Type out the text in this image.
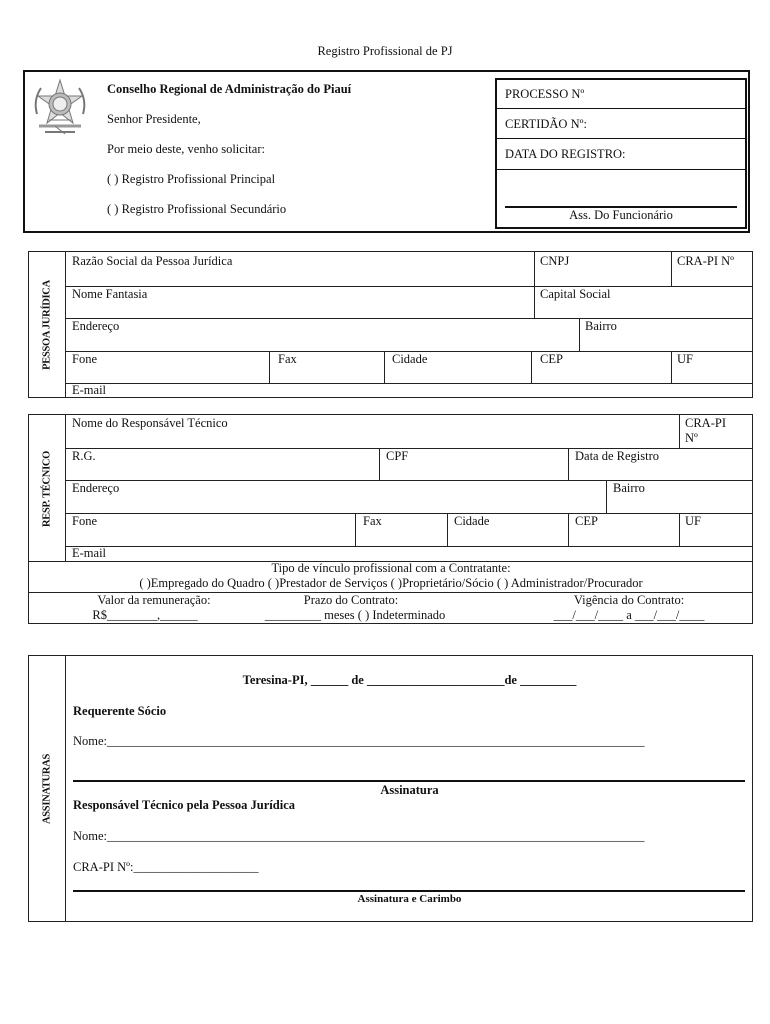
Registro Profissional de PJ
Conselho Regional de Administração do Piauí
Senhor Presidente,
Por meio deste, venho solicitar:
( ) Registro Profissional Principal
( ) Registro Profissional Secundário
PROCESSO Nº
CERTIDÃO Nº:
DATA DO REGISTRO:
Ass. Do Funcionário
PESSOA JURÍDICA
Razão Social da Pessoa Jurídica	CNPJ	CRA-PI Nº
Nome Fantasia	Capital Social
Endereço	Bairro
Fone	Fax	Cidade	CEP	UF
E-mail
RESP. TÉCNICO
Nome do Responsável Técnico	CRA-PI
Nº
R.G.	CPF	Data de Registro
Endereço	Bairro
Fone	Fax	Cidade	CEP	UF
E-mail
Tipo de vínculo profissional com a Contratante:
( )Empregado do Quadro ( )Prestador de Serviços ( )Proprietário/Sócio ( ) Administrador/Procurador
Valor da remuneração:
R$________,______
Prazo do Contrato:
_________ meses ( ) Indeterminado
Vigência do Contrato:
___/___/____ a ___/___/____
ASSINATURAS
Teresina-PI, ______ de ______________________de _________
Requerente Sócio
Nome:______________________________________________________________________________________
Assinatura
Responsável Técnico pela Pessoa Jurídica
Nome:______________________________________________________________________________________
CRA-PI Nº:____________________
Assinatura e Carimbo
